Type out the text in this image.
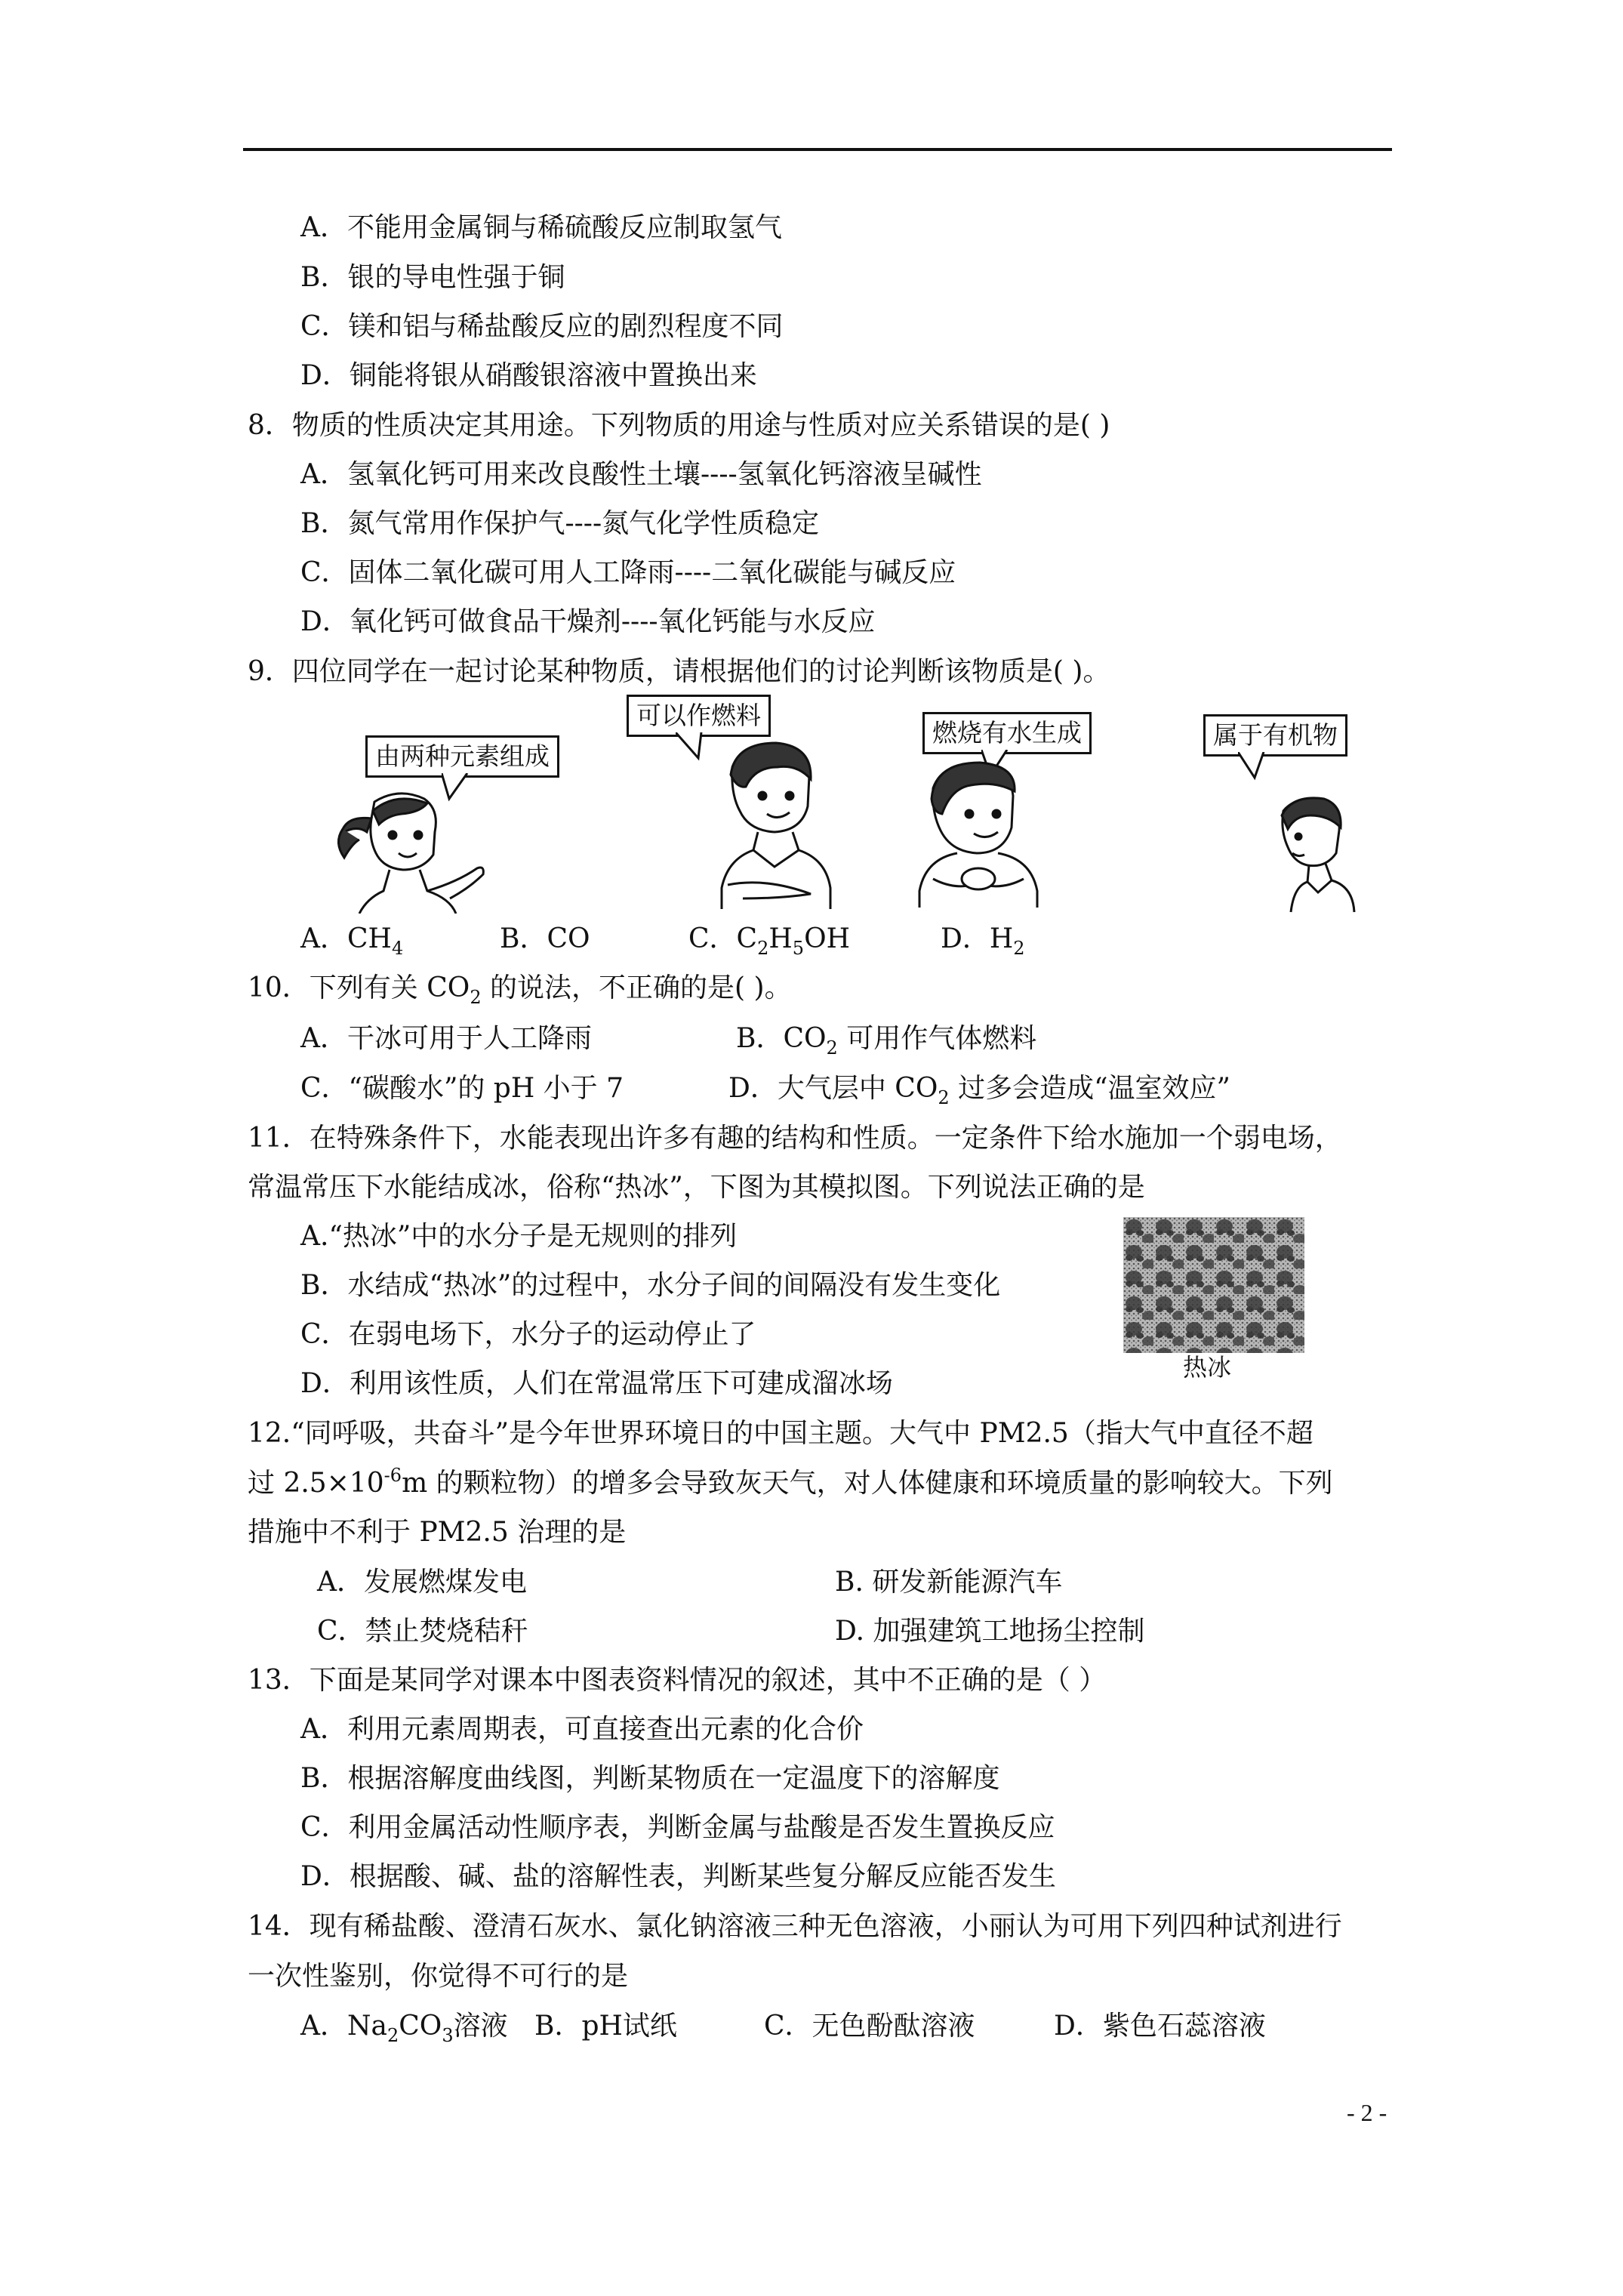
A．不能用金属铜与稀硫酸反应制取氢气
B．银的导电性强于铜
C．镁和铝与稀盐酸反应的剧烈程度不同
D．铜能将银从硝酸银溶液中置换出来
8．物质的性质决定其用途。下列物质的用途与性质对应关系错误的是( )
A．氢氧化钙可用来改良酸性土壤----氢氧化钙溶液呈碱性
B．氮气常用作保护气----氮气化学性质稳定
C．固体二氧化碳可用人工降雨----二氧化碳能与碱反应
D．氧化钙可做食品干燥剂----氧化钙能与水反应
9．四位同学在一起讨论某种物质，请根据他们的讨论判断该物质是( )。
由两种元素组成
可以作燃料
燃烧有水生成	属于有机物
A．$CH_4$	B．CO	C．$C_2H_5OH$	D．$H_2$
10．下列有关 $CO_2$ 的说法，不正确的是( )。
A．干冰可用于人工降雨	B．$CO_2$ 可用作气体燃料
C．“碳酸水”的 pH 小于 7	D．大气层中 $CO_2$ 过多会造成“温室效应”
11．在特殊条件下，水能表现出许多有趣的结构和性质。一定条件下给水施加一个弱电场，
常温常压下水能结成冰，俗称“热冰”，下图为其模拟图。下列说法正确的是
A.“热冰”中的水分子是无规则的排列
B．水结成“热冰”的过程中，水分子间的间隔没有发生变化
C．在弱电场下，水分子的运动停止了
D．利用该性质，人们在常温常压下可建成溜冰场
热冰
12.“同呼吸，共奋斗”是今年世界环境日的中国主题。大气中 PM2.5（指大气中直径不超
过 $2.5\times 10^{-6}m$ 的颗粒物）的增多会导致灰天气，对人体健康和环境质量的影响较大。下列
措施中不利于 PM2.5 治理的是
A．发展燃煤发电	B. 研发新能源汽车
C．禁止焚烧秸秆	D. 加强建筑工地扬尘控制
13．下面是某同学对课本中图表资料情况的叙述，其中不正确的是（ ）
A．利用元素周期表，可直接查出元素的化合价
B．根据溶解度曲线图，判断某物质在一定温度下的溶解度
C．利用金属活动性顺序表，判断金属与盐酸是否发生置换反应
D．根据酸、碱、盐的溶解性表，判断某些复分解反应能否发生
14．现有稀盐酸、澄清石灰水、氯化钠溶液三种无色溶液，小丽认为可用下列四种试剂进行
一次性鉴别，你觉得不可行的是
A．$Na_2CO_3$溶液 B．pH试纸	C．无色酚酞溶液	D．紫色石蕊溶液
- 2 -
